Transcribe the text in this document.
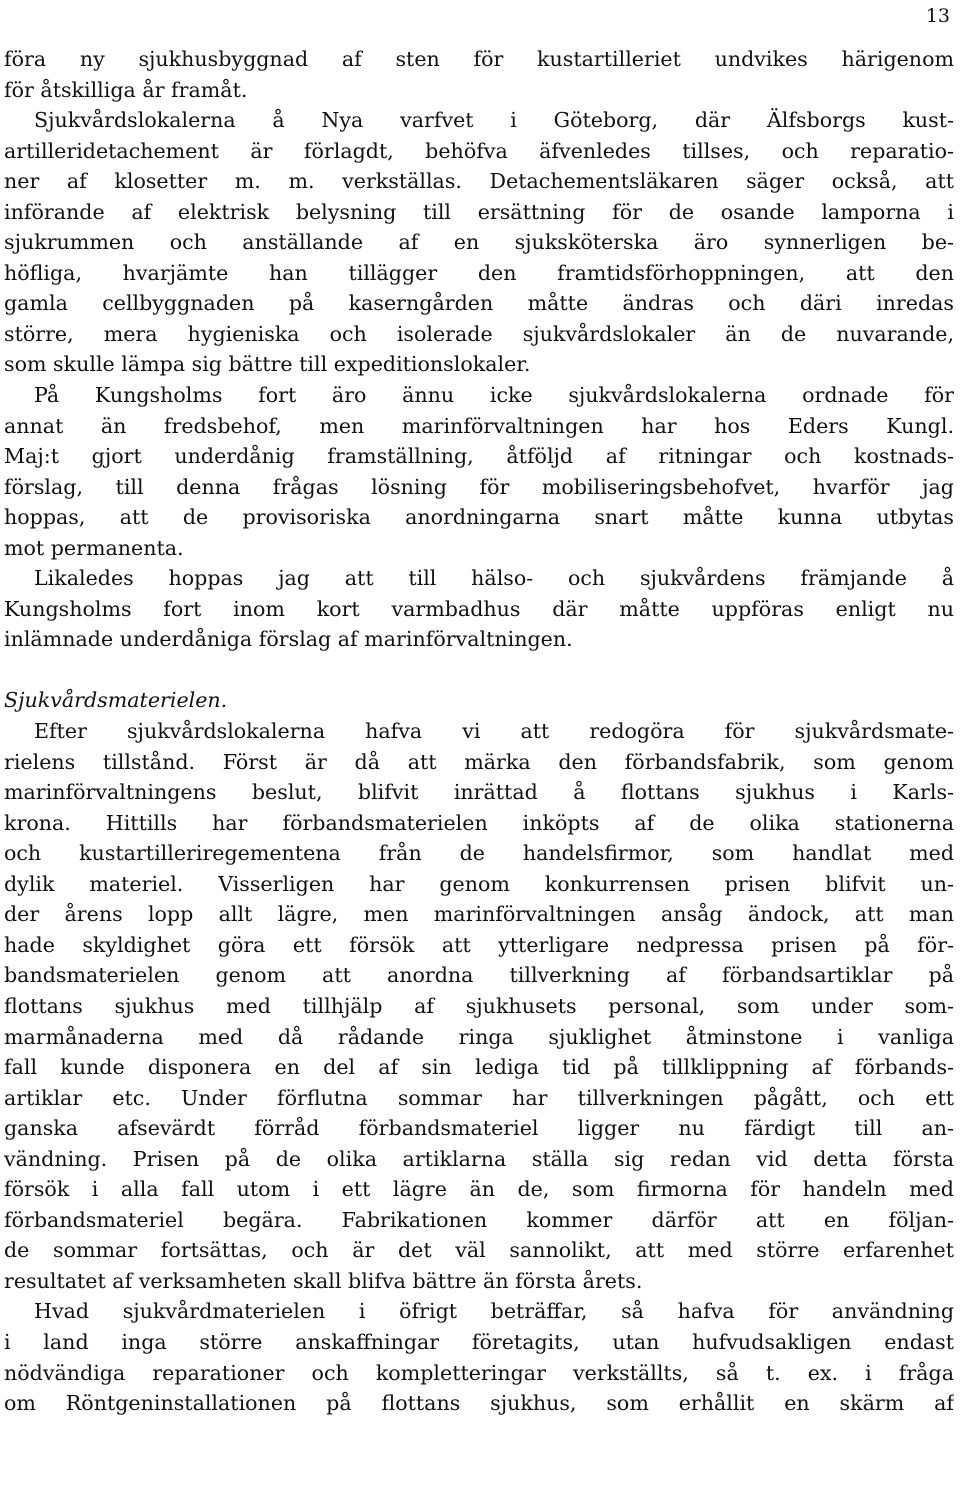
13
föra ny sjukhusbyggnad af sten för kustartilleriet undvikes härigenom
för åtskilliga år framåt.
Sjukvårdslokalerna å Nya varfvet i Göteborg, där Älfsborgs kust-
artilleridetachement är förlagdt, behöfva äfvenledes tillses, och reparatio-
ner af klosetter m. m. verkställas. Detachementsläkaren säger också, att
införande af elektrisk belysning till ersättning för de osande lamporna i
sjukrummen och anställande af en sjuksköterska äro synnerligen be-
höfliga, hvarjämte han tillägger den framtidsförhoppningen, att den
gamla cellbyggnaden på kaserngården måtte ändras och däri inredas
större, mera hygieniska och isolerade sjukvårdslokaler än de nuvarande,
som skulle lämpa sig bättre till expeditionslokaler.
På Kungsholms fort äro ännu icke sjukvårdslokalerna ordnade för
annat än fredsbehof, men marinförvaltningen har hos Eders Kungl.
Maj:t gjort underdånig framställning, åtföljd af ritningar och kostnads-
förslag, till denna frågas lösning för mobiliseringsbehofvet, hvarför jag
hoppas, att de provisoriska anordningarna snart måtte kunna utbytas
mot permanenta.
Likaledes hoppas jag att till hälso- och sjukvårdens främjande å
Kungsholms fort inom kort varmbadhus där måtte uppföras enligt nu
inlämnade underdåniga förslag af marinförvaltningen.
Sjukvårdsmaterielen.
Efter sjukvårdslokalerna hafva vi att redogöra för sjukvårdsmate-
rielens tillstånd. Först är då att märka den förbandsfabrik, som genom
marinförvaltningens beslut, blifvit inrättad å flottans sjukhus i Karls-
krona. Hittills har förbandsmaterielen inköpts af de olika stationerna
och kustartilleriregementena från de handelsfirmor, som handlat med
dylik materiel. Visserligen har genom konkurrensen prisen blifvit un-
der årens lopp allt lägre, men marinförvaltningen ansåg ändock, att man
hade skyldighet göra ett försök att ytterligare nedpressa prisen på för-
bandsmaterielen genom att anordna tillverkning af förbandsartiklar på
flottans sjukhus med tillhjälp af sjukhusets personal, som under som-
marmånaderna med då rådande ringa sjuklighet åtminstone i vanliga
fall kunde disponera en del af sin lediga tid på tillklippning af förbands-
artiklar etc. Under förflutna sommar har tillverkningen pågått, och ett
ganska afsevärdt förråd förbandsmateriel ligger nu färdigt till an-
vändning. Prisen på de olika artiklarna ställa sig redan vid detta första
försök i alla fall utom i ett lägre än de, som firmorna för handeln med
förbandsmateriel begära. Fabrikationen kommer därför att en följan-
de sommar fortsättas, och är det väl sannolikt, att med större erfarenhet
resultatet af verksamheten skall blifva bättre än första årets.
Hvad sjukvårdmaterielen i öfrigt beträffar, så hafva för användning
i land inga större anskaffningar företagits, utan hufvudsakligen endast
nödvändiga reparationer och kompletteringar verkställts, så t. ex. i fråga
om Röntgeninstallationen på flottans sjukhus, som erhållit en skärm af
